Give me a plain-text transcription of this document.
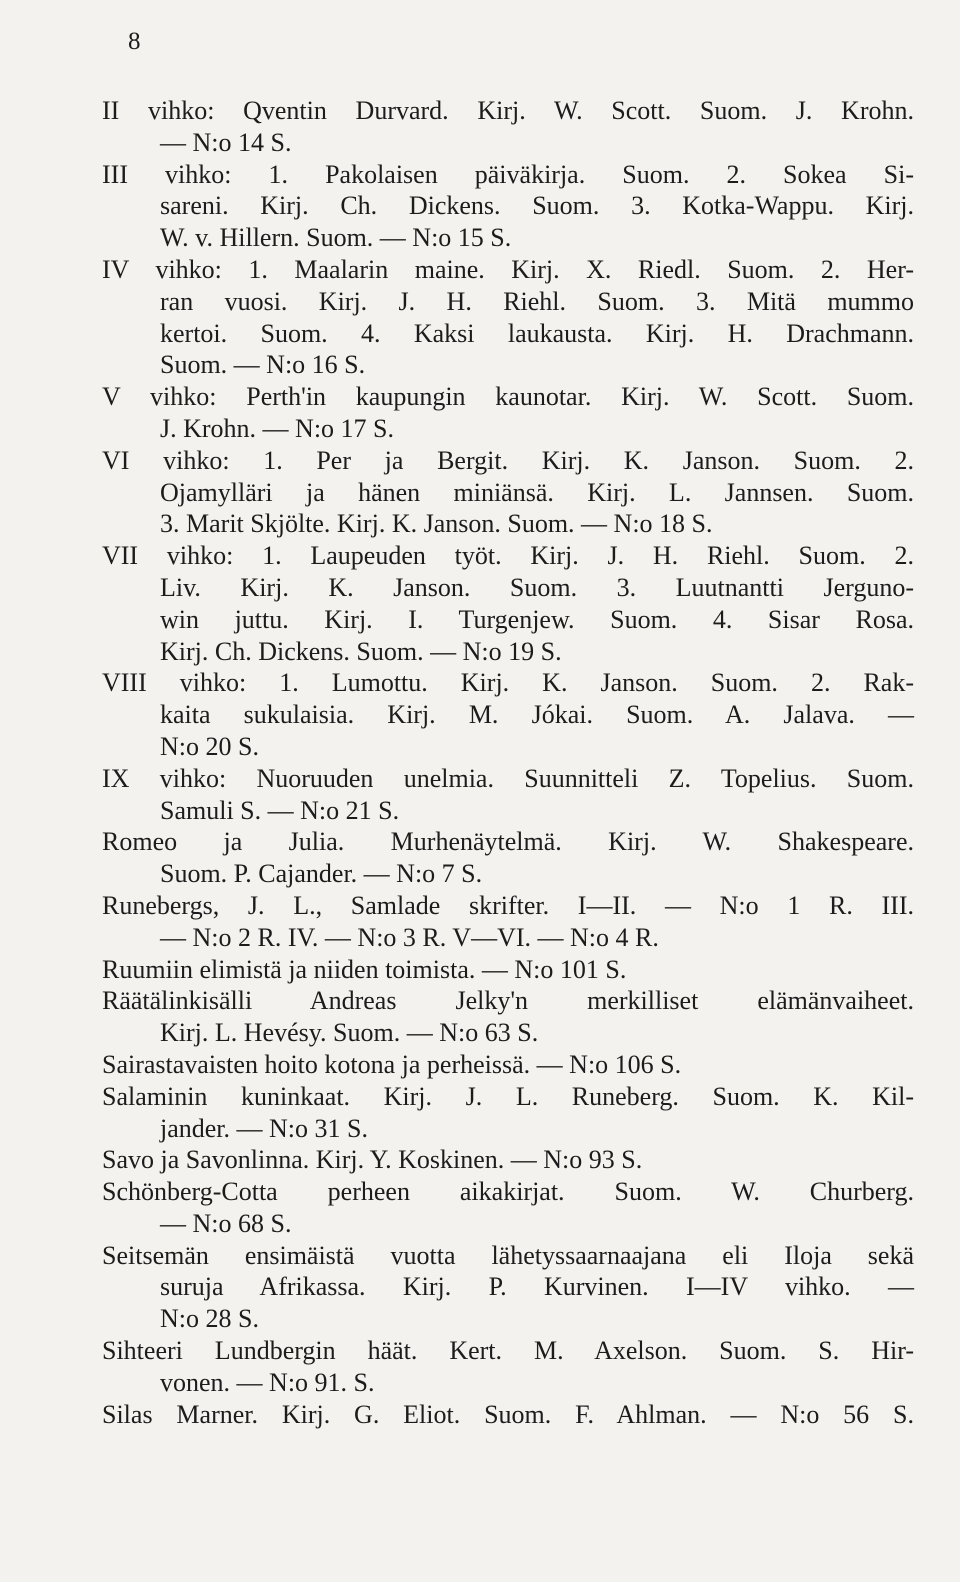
8
II vihko: Qventin Durvard. Kirj. W. Scott. Suom. J. Krohn.
— N:o 14 S.
III vihko: 1. Pakolaisen päiväkirja. Suom. 2. Sokea Si-
sareni. Kirj. Ch. Dickens. Suom. 3. Kotka-Wappu. Kirj.
W. v. Hillern. Suom. — N:o 15 S.
IV vihko: 1. Maalarin maine. Kirj. X. Riedl. Suom. 2. Her-
ran vuosi. Kirj. J. H. Riehl. Suom. 3. Mitä mummo
kertoi. Suom. 4. Kaksi laukausta. Kirj. H. Drachmann.
Suom. — N:o 16 S.
V vihko: Perth'in kaupungin kaunotar. Kirj. W. Scott. Suom.
J. Krohn. — N:o 17 S.
VI vihko: 1. Per ja Bergit. Kirj. K. Janson. Suom. 2.
Ojamylläri ja hänen miniänsä. Kirj. L. Jannsen. Suom.
3. Marit Skjölte. Kirj. K. Janson. Suom. — N:o 18 S.
VII vihko: 1. Laupeuden työt. Kirj. J. H. Riehl. Suom. 2.
Liv. Kirj. K. Janson. Suom. 3. Luutnantti Jerguno-
win juttu. Kirj. I. Turgenjew. Suom. 4. Sisar Rosa.
Kirj. Ch. Dickens. Suom. — N:o 19 S.
VIII vihko: 1. Lumottu. Kirj. K. Janson. Suom. 2. Rak-
kaita sukulaisia. Kirj. M. Jókai. Suom. A. Jalava. —
N:o 20 S.
IX vihko: Nuoruuden unelmia. Suunnitteli Z. Topelius. Suom.
Samuli S. — N:o 21 S.
Romeo ja Julia. Murhenäytelmä. Kirj. W. Shakespeare.
Suom. P. Cajander. — N:o 7 S.
Runebergs, J. L., Samlade skrifter. I—II. — N:o 1 R. III.
— N:o 2 R. IV. — N:o 3 R. V—VI. — N:o 4 R.
Ruumiin elimistä ja niiden toimista. — N:o 101 S.
Räätälinkisälli Andreas Jelky'n merkilliset elämänvaiheet.
Kirj. L. Hevésy. Suom. — N:o 63 S.
Sairastavaisten hoito kotona ja perheissä. — N:o 106 S.
Salaminin kuninkaat. Kirj. J. L. Runeberg. Suom. K. Kil-
jander. — N:o 31 S.
Savo ja Savonlinna. Kirj. Y. Koskinen. — N:o 93 S.
Schönberg-Cotta perheen aikakirjat. Suom. W. Churberg.
— N:o 68 S.
Seitsemän ensimäistä vuotta lähetyssaarnaajana eli Iloja sekä
suruja Afrikassa. Kirj. P. Kurvinen. I—IV vihko. —
N:o 28 S.
Sihteeri Lundbergin häät. Kert. M. Axelson. Suom. S. Hir-
vonen. — N:o 91. S.
Silas Marner. Kirj. G. Eliot. Suom. F. Ahlman. — N:o 56 S.
